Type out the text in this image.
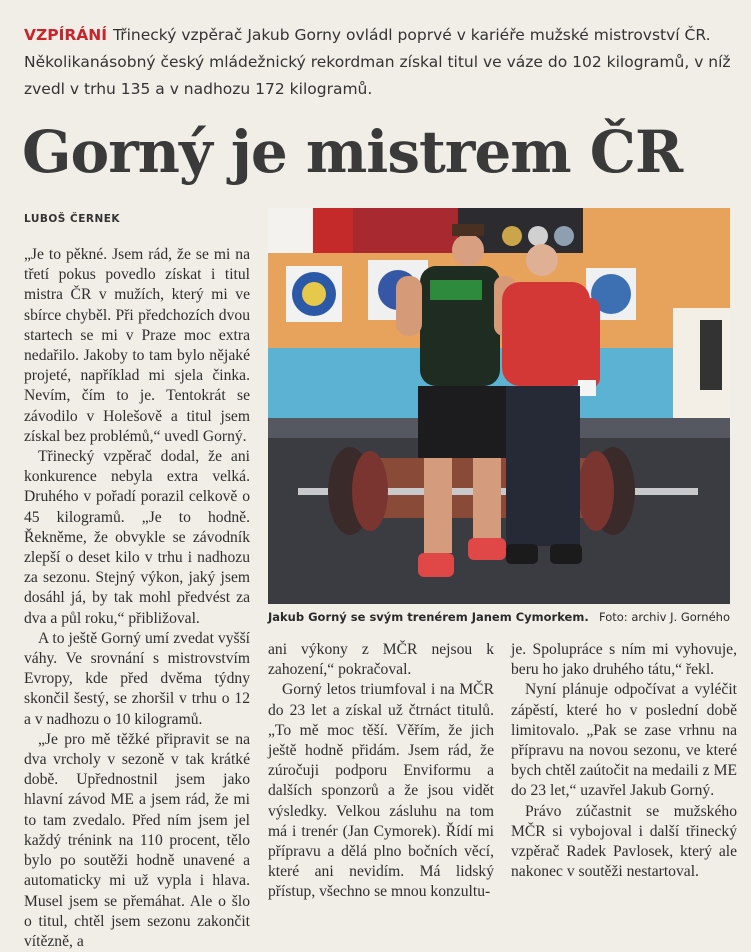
VZPÍRÁNÍ Třinecký vzpěrač Jakub Gorny ovládl poprvé v kariéře mužské mistrovství ČR. Několikanásobný český mládežnický rekordman získal titul ve váze do 102 kilogramů, v níž zvedl v trhu 135 a v nadhozu 172 kilogramů.
Gorný je mistrem ČR
LUBOŠ ČERNEK

„Je to pěkné. Jsem rád, že se mi na třetí pokus povedlo získat i titul mistra ČR v mužích, který mi ve sbírce chyběl. Při předchozích dvou startech se mi v Praze moc extra nedařilo. Jakoby to tam bylo nějaké projeté, například mi sjela činka. Nevím, čím to je. Tentokrát se závodilo v Holešově a titul jsem získal bez problémů,“ uvedl Gorný.

Třinecký vzpěrač dodal, že ani konkurence nebyla extra velká. Druhého v pořadí porazil celkově o 45 kilogramů. „Je to hodně. Řekněme, že obvykle se závodník zlepší o deset kilo v trhu i nadhozu za sezonu. Stejný výkon, jaký jsem dosáhl já, by tak mohl předvést za dva a půl roku,“ přibližoval.

A to ještě Gorný umí zvedat vyšší váhy. Ve srovnání s mistrovstvím Evropy, kde před dvěma týdny skončil šestý, se zhoršil v trhu o 12 a v nadhozu o 10 kilogramů.

„Je pro mě těžké připravit se na dva vrcholy v sezoně v tak krátké době. Upřednostnil jsem jako hlavní závod ME a jsem rád, že mi to tam zvedalo. Před ním jsem jel každý trénink na 110 procent, tělo bylo po soutěži hodně unavené a automaticky mi už vypla i hlava. Musel jsem se přemáhat. Ale o šlo o titul, chtěl jsem sezonu zakončit vítězně, a

Jakub Gorný se svým trenérem Janem Cymorkem. Foto: archiv J. Gorného

ani výkony z MČR nejsou k zahození,“ pokračoval.

Gorný letos triumfoval i na MČR do 23 let a získal už čtrnáct titulů. „To mě moc těší. Věřím, že jich ještě hodně přidám. Jsem rád, že zúročuji podporu Enviformu a dalších sponzorů a že jsou vidět výsledky. Velkou zásluhu na tom má i trenér (Jan Cymorek). Řídí mi přípravu a dělá plno bočních věcí, které ani nevidím. Má lidský přístup, všechno se mnou konzultu-

je. Spolupráce s ním mi vyhovuje, beru ho jako druhého tátu,“ řekl.

Nyní plánuje odpočívat a vyléčit zápěstí, které ho v poslední době limitovalo. „Pak se zase vrhnu na přípravu na novou sezonu, ve které bych chtěl zaútočit na medaili z ME do 23 let,“ uzavřel Jakub Gorný.

Právo zúčastnit se mužského MČR si vybojoval i další třinecký vzpěrač Radek Pavlosek, který ale nakonec v soutěži nestartoval.
